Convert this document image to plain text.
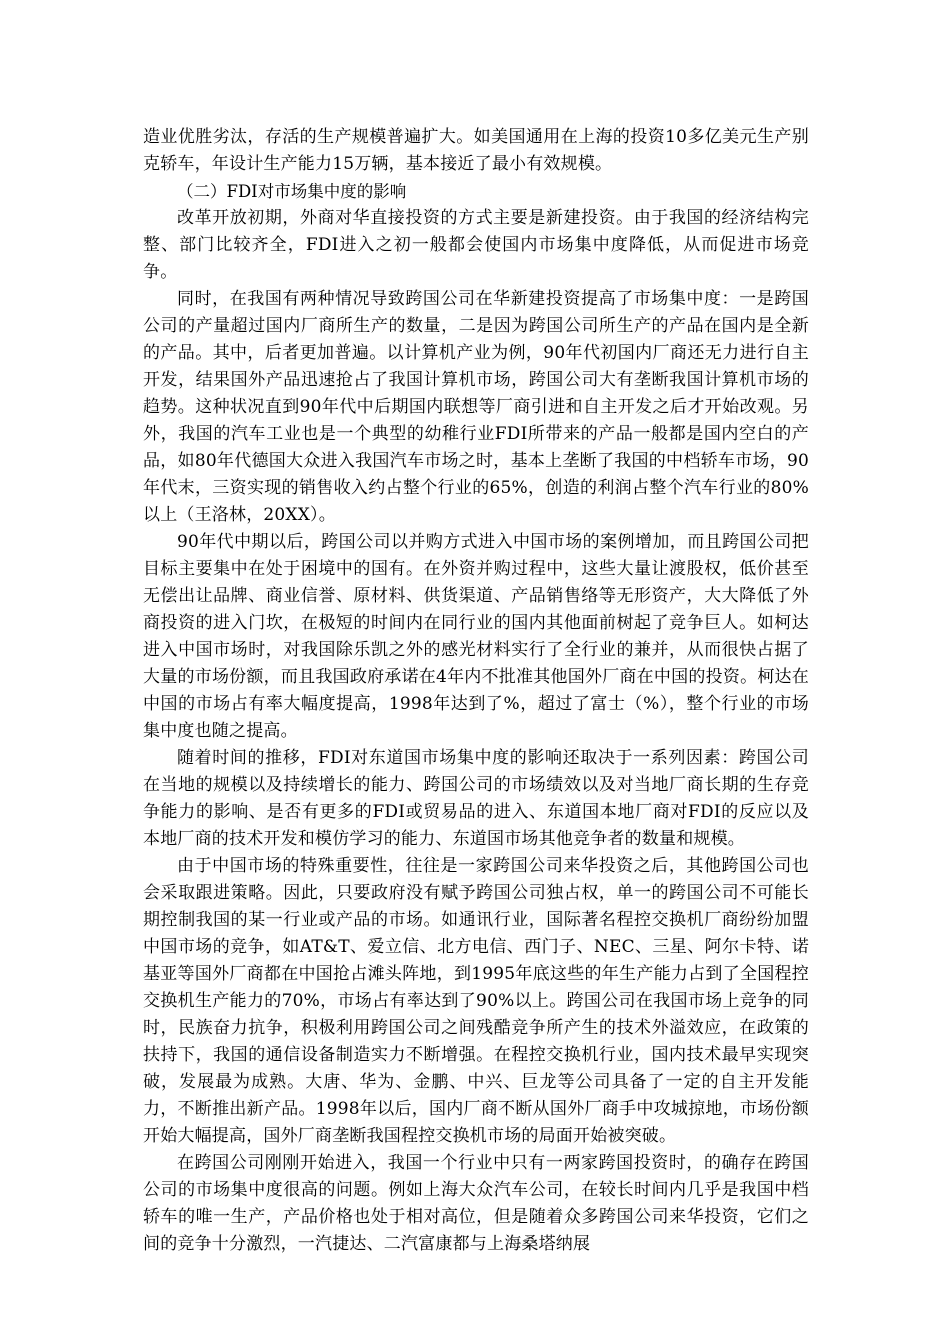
造业优胜劣汰，存活的生产规模普遍扩大。如美国通用在上海的投资10多亿美元生产别克轿车，年设计生产能力15万辆，基本接近了最小有效规模。

（二）FDI对市场集中度的影响

改革开放初期，外商对华直接投资的方式主要是新建投资。由于我国的经济结构完整、部门比较齐全，FDI进入之初一般都会使国内市场集中度降低，从而促进市场竞争。

同时，在我国有两种情况导致跨国公司在华新建投资提高了市场集中度：一是跨国公司的产量超过国内厂商所生产的数量，二是因为跨国公司所生产的产品在国内是全新的产品。其中，后者更加普遍。以计算机产业为例，90年代初国内厂商还无力进行自主开发，结果国外产品迅速抢占了我国计算机市场，跨国公司大有垄断我国计算机市场的趋势。这种状况直到90年代中后期国内联想等厂商引进和自主开发之后才开始改观。另外，我国的汽车工业也是一个典型的幼稚行业FDI所带来的产品一般都是国内空白的产品，如80年代德国大众进入我国汽车市场之时，基本上垄断了我国的中档轿车市场，90年代末，三资实现的销售收入约占整个行业的65%，创造的利润占整个汽车行业的80%以上（王洛林，20XX）。

90年代中期以后，跨国公司以并购方式进入中国市场的案例增加，而且跨国公司把目标主要集中在处于困境中的国有。在外资并购过程中，这些大量让渡股权，低价甚至无偿出让品牌、商业信誉、原材料、供货渠道、产品销售络等无形资产，大大降低了外商投资的进入门坎，在极短的时间内在同行业的国内其他面前树起了竞争巨人。如柯达进入中国市场时，对我国除乐凯之外的感光材料实行了全行业的兼并，从而很快占据了大量的市场份额，而且我国政府承诺在4年内不批准其他国外厂商在中国的投资。柯达在中国的市场占有率大幅度提高，1998年达到了%，超过了富士（%），整个行业的市场集中度也随之提高。

随着时间的推移，FDI对东道国市场集中度的影响还取决于一系列因素：跨国公司在当地的规模以及持续增长的能力、跨国公司的市场绩效以及对当地厂商长期的生存竞争能力的影响、是否有更多的FDI或贸易品的进入、东道国本地厂商对FDI的反应以及本地厂商的技术开发和模仿学习的能力、东道国市场其他竞争者的数量和规模。

由于中国市场的特殊重要性，往往是一家跨国公司来华投资之后，其他跨国公司也会采取跟进策略。因此，只要政府没有赋予跨国公司独占权，单一的跨国公司不可能长期控制我国的某一行业或产品的市场。如通讯行业，国际著名程控交换机厂商纷纷加盟中国市场的竞争，如AT&T、爱立信、北方电信、西门子、NEC、三星、阿尔卡特、诺基亚等国外厂商都在中国抢占滩头阵地，到1995年底这些的年生产能力占到了全国程控交换机生产能力的70%，市场占有率达到了90%以上。跨国公司在我国市场上竞争的同时，民族奋力抗争，积极利用跨国公司之间残酷竞争所产生的技术外溢效应，在政策的扶持下，我国的通信设备制造实力不断增强。在程控交换机行业，国内技术最早实现突破，发展最为成熟。大唐、华为、金鹏、中兴、巨龙等公司具备了一定的自主开发能力，不断推出新产品。1998年以后，国内厂商不断从国外厂商手中攻城掠地，市场份额开始大幅提高，国外厂商垄断我国程控交换机市场的局面开始被突破。

在跨国公司刚刚开始进入，我国一个行业中只有一两家跨国投资时，的确存在跨国公司的市场集中度很高的问题。例如上海大众汽车公司，在较长时间内几乎是我国中档轿车的唯一生产，产品价格也处于相对高位，但是随着众多跨国公司来华投资，它们之间的竞争十分激烈，一汽捷达、二汽富康都与上海桑塔纳展
